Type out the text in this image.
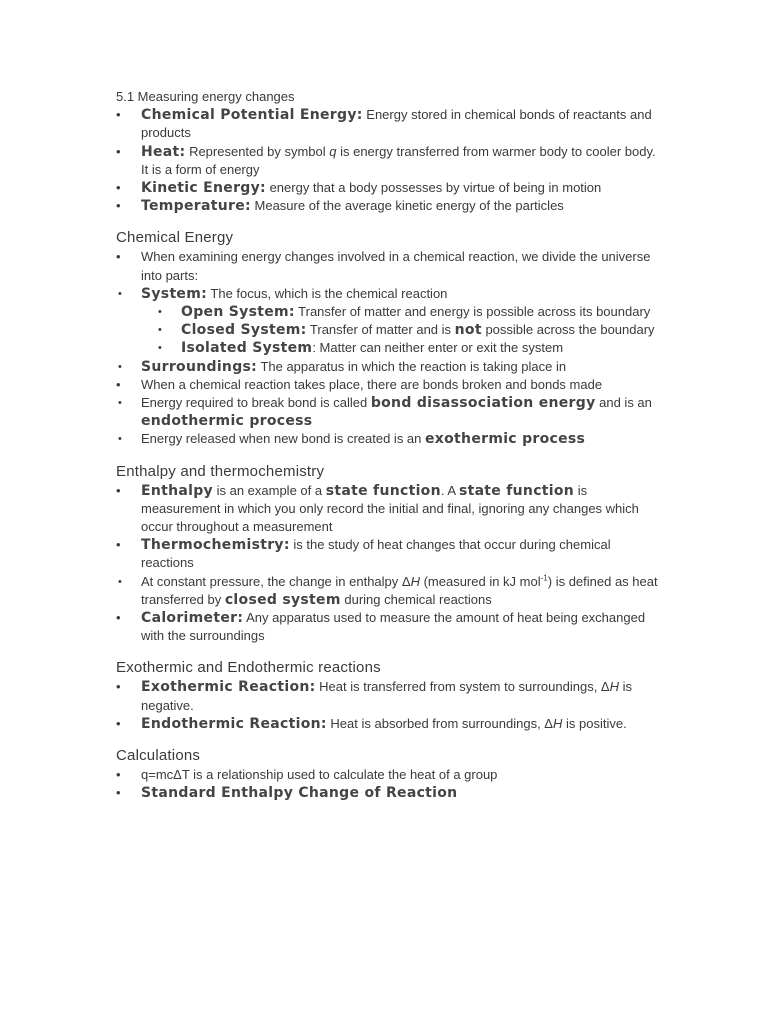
5.1 Measuring energy changes
• Chemical Potential Energy: Energy stored in chemical bonds of reactants and products
• Heat: Represented by symbol q is energy transferred from warmer body to cooler body. It is a form of energy
• Kinetic Energy: energy that a body possesses by virtue of being in motion
• Temperature: Measure of the average kinetic energy of the particles
Chemical Energy
• When examining energy changes involved in a chemical reaction, we divide the universe into parts:
• System: The focus, which is the chemical reaction
• Open System: Transfer of matter and energy is possible across its boundary
• Closed System: Transfer of matter and is not possible across the boundary
• Isolated System: Matter can neither enter or exit the system
• Surroundings: The apparatus in which the reaction is taking place in
• When a chemical reaction takes place, there are bonds broken and bonds made
• Energy required to break bond is called bond disassociation energy and is an endothermic process
• Energy released when new bond is created is an exothermic process
Enthalpy and thermochemistry
• Enthalpy is an example of a state function. A state function is measurement in which you only record the initial and final, ignoring any changes which occur throughout a measurement
• Thermochemistry: is the study of heat changes that occur during chemical reactions
• At constant pressure, the change in enthalpy ΔH (measured in kJ mol$^{-1}$) is defined as heat transferred by closed system during chemical reactions
• Calorimeter: Any apparatus used to measure the amount of heat being exchanged with the surroundings
Exothermic and Endothermic reactions
• Exothermic Reaction: Heat is transferred from system to surroundings, ΔH is negative.
• Endothermic Reaction: Heat is absorbed from surroundings, ΔH is positive.
Calculations
• q=mcΔT is a relationship used to calculate the heat of a group
• Standard Enthalpy Change of Reaction
